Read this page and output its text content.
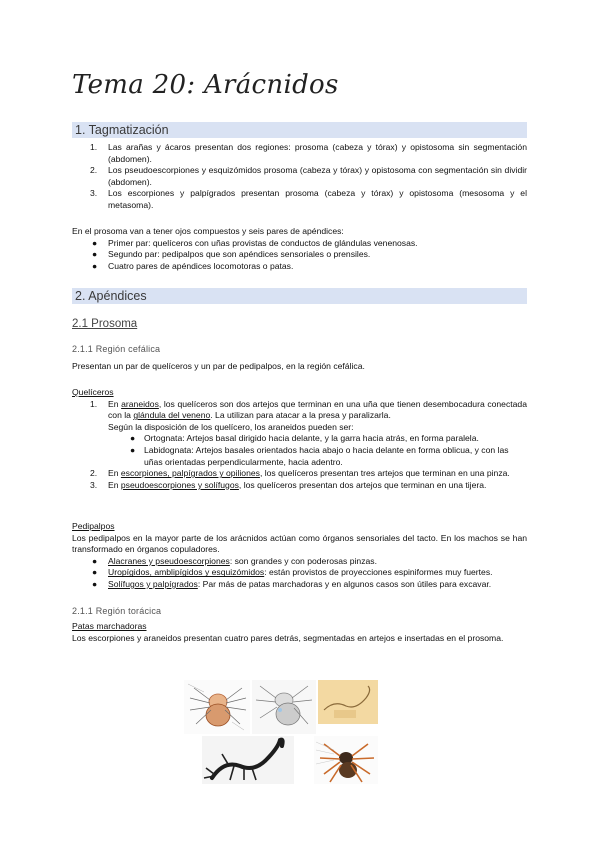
Tema 20: Arácnidos
1. Tagmatización
1. Las arañas y ácaros presentan dos regiones: prosoma (cabeza y tórax) y opistosoma sin segmentación (abdomen).
2. Los pseudoescorpiones y esquizómidos prosoma (cabeza y tórax) y opistosoma con segmentación sin dividir (abdomen).
3. Los escorpiones y palpígrados presentan prosoma (cabeza y tórax) y opistosoma (mesosoma y el metasoma).
En el prosoma van a tener ojos compuestos y seis pares de apéndices:
● Primer par: quelíceros con uñas provistas de conductos de glándulas venenosas.
● Segundo par: pedipalpos que son apéndices sensoriales o prensiles.
● Cuatro pares de apéndices locomotoras o patas.
2. Apéndices
2.1 Prosoma
2.1.1 Región cefálica
Presentan un par de quelíceros y un par de pedipalpos, en la región cefálica.
Quelíceros
1. En araneidos, los quelíceros son dos artejos que terminan en una uña que tienen desembocadura conectada con la glándula del veneno. La utilizan para atacar a la presa y paralizarla.
Según la disposición de los quelícero, los araneidos pueden ser:
● Ortognata: Artejos basal dirigido hacia delante, y la garra hacia atrás, en forma paralela.
● Labidognata: Artejos basales orientados hacia abajo o hacia delante en forma oblicua, y con las uñas orientadas perpendicularmente, hacia adentro.
2. En escorpiones, palpígrados y opiliones, los quelíceros presentan tres artejos que terminan en una pinza.
3. En pseudoescorpiones y solífugos, los quelíceros presentan dos artejos que terminan en una tijera.
Pedipalpos
Los pedipalpos en la mayor parte de los arácnidos actúan como órganos sensoriales del tacto. En los machos se han transformado en órganos copuladores.
● Alacranes y pseudoescorpiones: son grandes y con poderosas pinzas.
● Uropígidos, amblipígidos y esquizómidos: están provistos de proyecciones espiniformes muy fuertes.
● Solífugos y palpígrados: Par más de patas marchadoras y en algunos casos son útiles para excavar.
2.1.1 Región torácica
Patas marchadoras
Los escorpiones y araneidos presentan cuatro pares detrás, segmentadas en artejos e insertadas en el prosoma.
